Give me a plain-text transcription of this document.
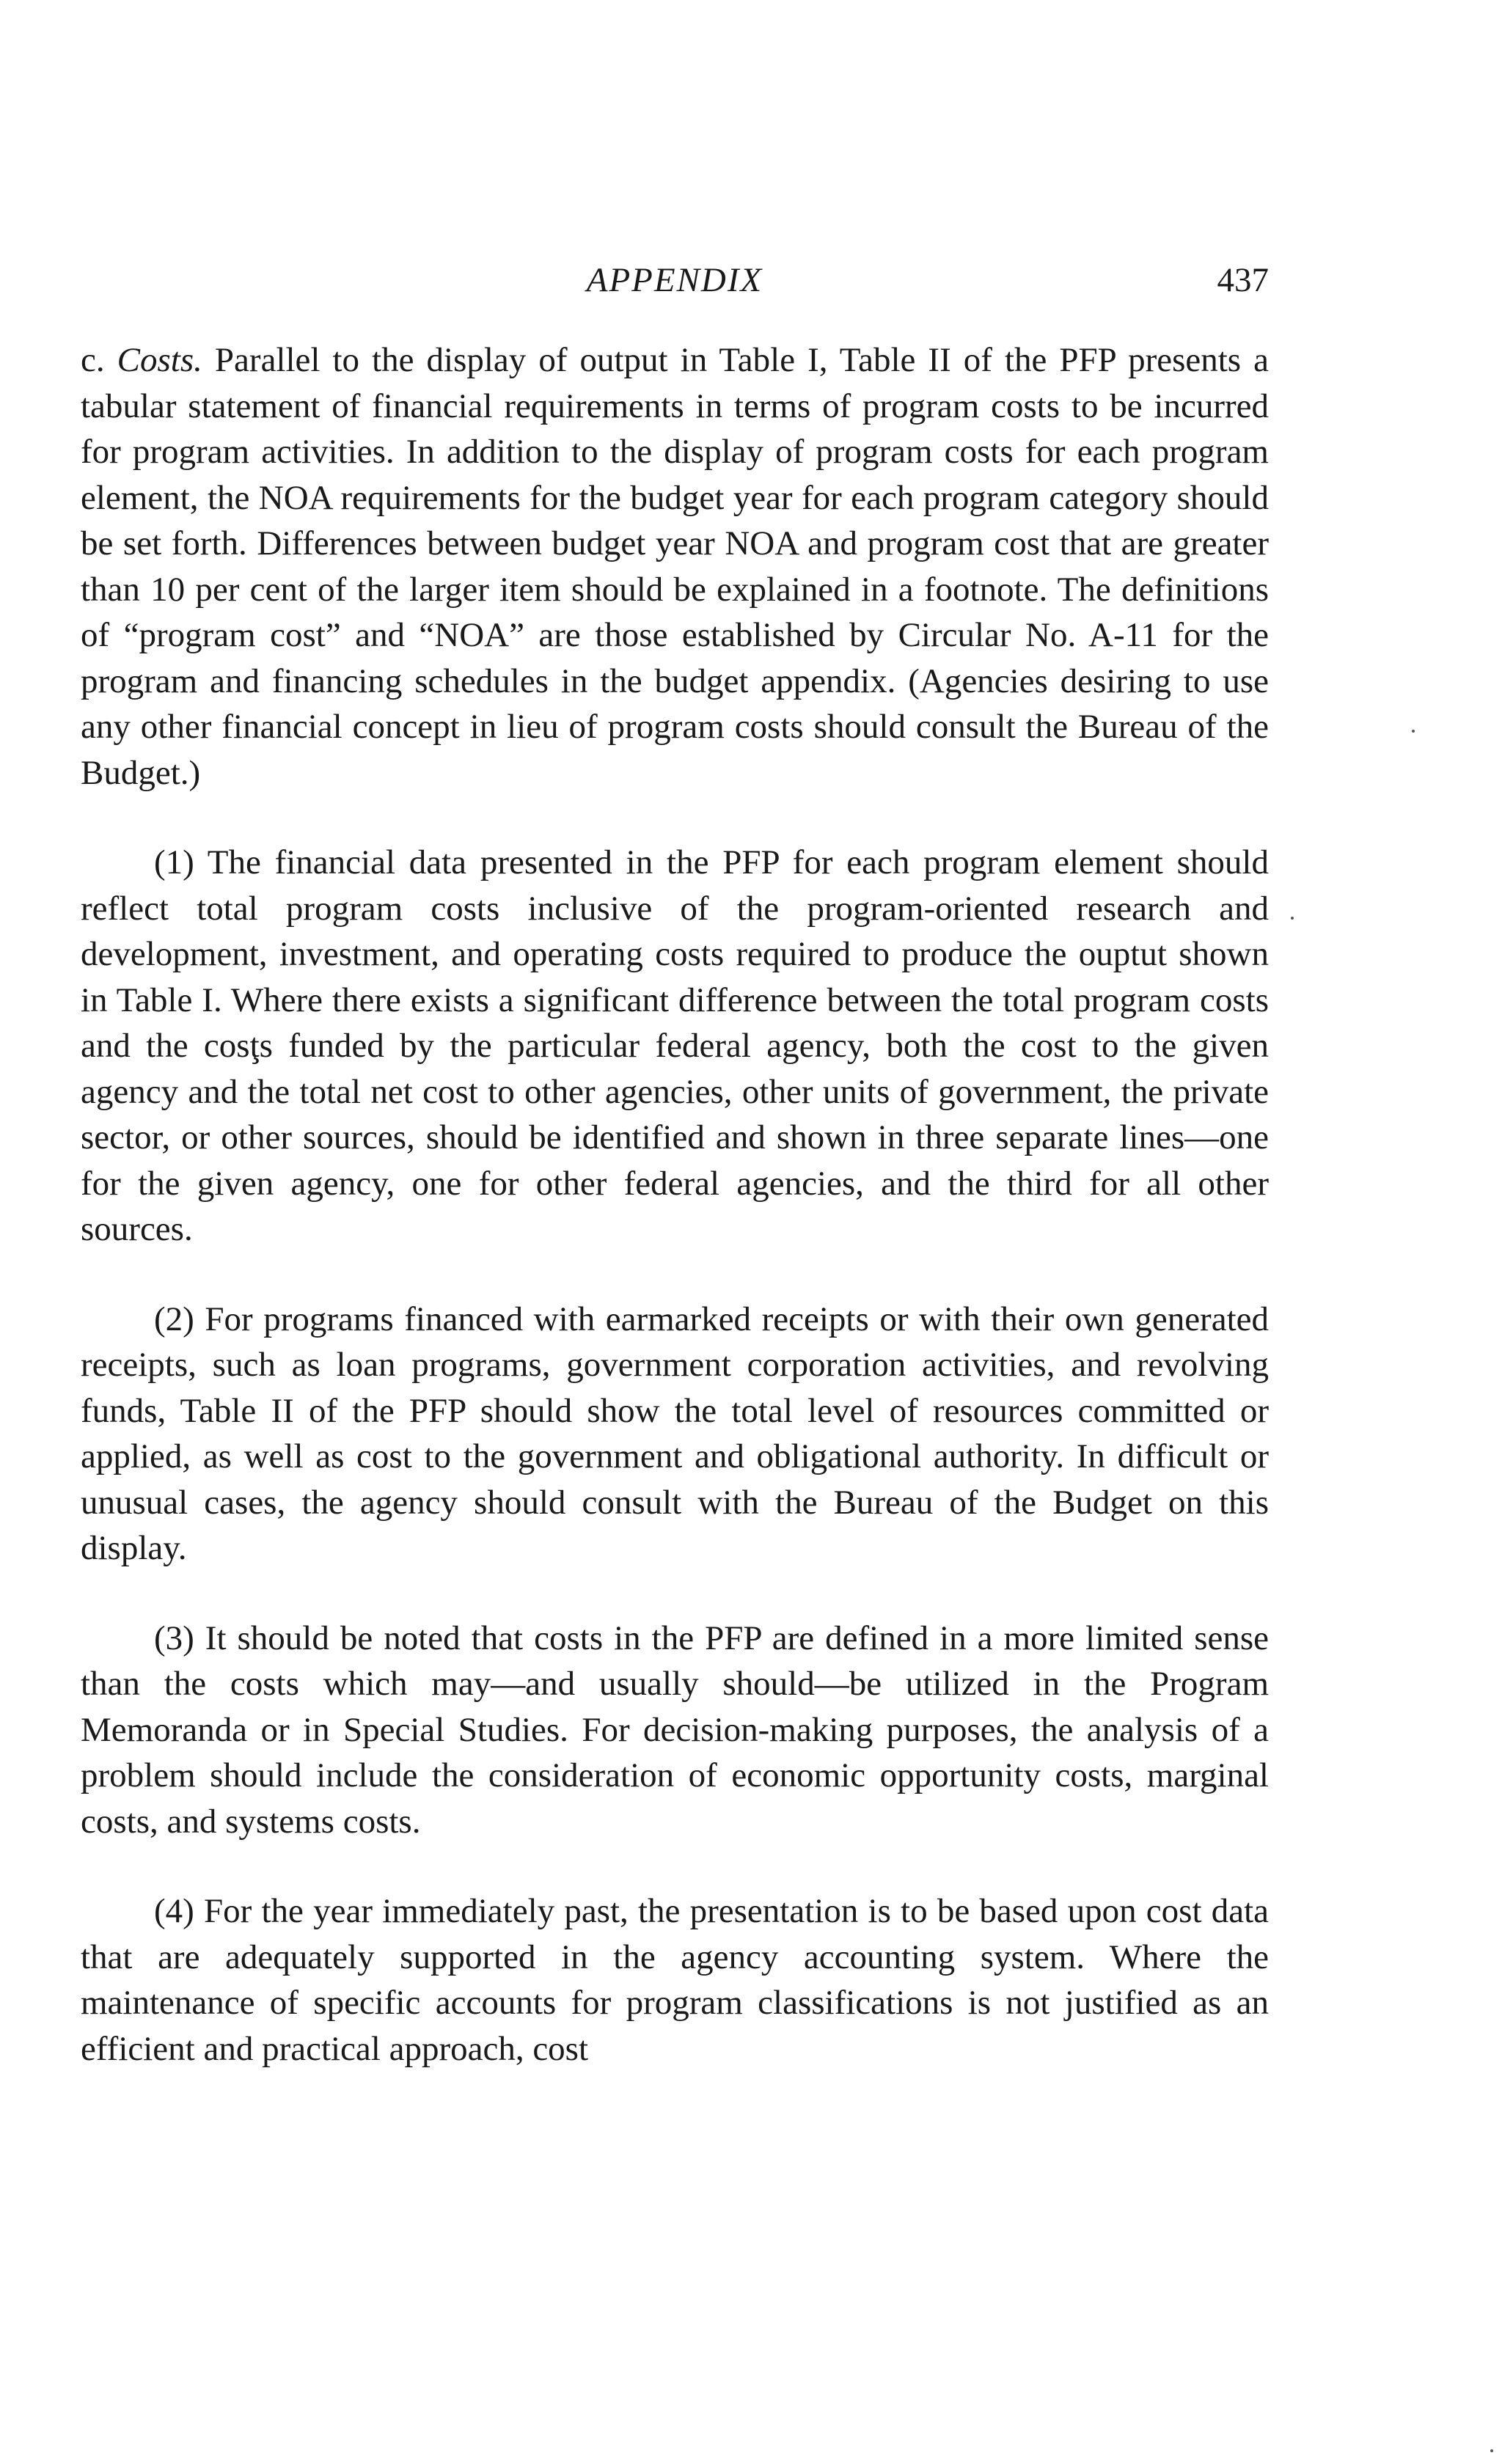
APPENDIX	437

c. Costs. Parallel to the display of output in Table I, Table II of the PFP presents a tabular statement of financial requirements in terms of program costs to be incurred for program activities. In addition to the display of program costs for each program element, the NOA requirements for the budget year for each program category should be set forth. Differences between budget year NOA and program cost that are greater than 10 per cent of the larger item should be explained in a footnote. The definitions of “program cost” and “NOA” are those established by Circular No. A-11 for the program and financing schedules in the budget appendix. (Agencies desiring to use any other financial concept in lieu of program costs should consult the Bureau of the Budget.)

(1) The financial data presented in the PFP for each program element should reflect total program costs inclusive of the program-oriented research and development, investment, and operating costs required to produce the ouptut shown in Table I. Where there exists a significant difference between the total program costs and the cosţs funded by the particular federal agency, both the cost to the given agency and the total net cost to other agencies, other units of government, the private sector, or other sources, should be identified and shown in three separate lines—one for the given agency, one for other federal agencies, and the third for all other sources.

(2) For programs financed with earmarked receipts or with their own generated receipts, such as loan programs, government corporation activities, and revolving funds, Table II of the PFP should show the total level of resources committed or applied, as well as cost to the government and obligational authority. In difficult or unusual cases, the agency should consult with the Bureau of the Budget on this display.

(3) It should be noted that costs in the PFP are defined in a more limited sense than the costs which may—and usually should—be utilized in the Program Memoranda or in Special Studies. For decision-making purposes, the analysis of a problem should include the consideration of economic opportunity costs, marginal costs, and systems costs.

(4) For the year immediately past, the presentation is to be based upon cost data that are adequately supported in the agency accounting system. Where the maintenance of specific accounts for program classifications is not justified as an efficient and practical approach, cost
